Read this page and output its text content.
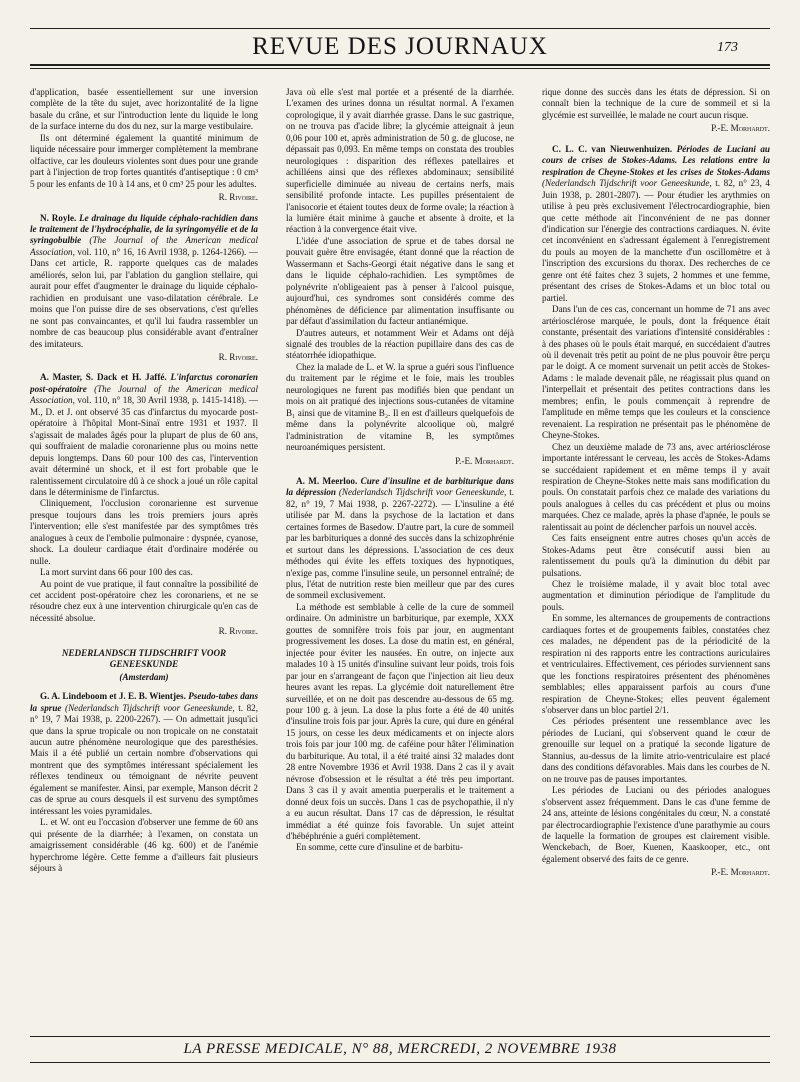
REVUE DES JOURNAUX	173

d'application, basée essentiellement sur une inversion complète de la tête du sujet, avec horizontalité de la ligne basale du crâne, et sur l'introduction lente du liquide le long de la surface interne du dos du nez, sur la marge vestibulaire.

Ils ont déterminé également la quantité minimum de liquide nécessaire pour immerger complètement la membrane olfactive, car les douleurs violentes sont dues pour une grande part à l'injection de trop fortes quantités d'antiseptique : 0 cm³ 5 pour les enfants de 10 à 14 ans, et 0 cm³ 25 pour les adultes.

R. Rivoire.

N. Royle. Le drainage du liquide céphalo-rachidien dans le traitement de l'hydrocéphalie, de la syringomyélie et de la syringobulbie (The Journal of the American medical Association, vol. 110, n° 16, 16 Avril 1938, p. 1264-1266). — Dans cet article, R. rapporte quelques cas de malades améliorés, selon lui, par l'ablation du ganglion stellaire, qui aurait pour effet d'augmenter le drainage du liquide céphalo-rachidien en produisant une vaso-dilatation cérébrale. Le moins que l'on puisse dire de ses observations, c'est qu'elles ne sont pas convaincantes, et qu'il lui faudra rassembler un nombre de cas beaucoup plus considérable avant d'entraîner des imitateurs.

R. Rivoire.

A. Master, S. Dack et H. Jaffé. L'infarctus coronarien post-opératoire (The Journal of the American medical Association, vol. 110, n° 18, 30 Avril 1938, p. 1415-1418). — M., D. et J. ont observé 35 cas d'infarctus du myocarde post-opératoire à l'hôpital Mont-Sinaï entre 1931 et 1937. Il s'agissait de malades âgés pour la plupart de plus de 60 ans, qui souffraient de maladie coronarienne plus ou moins nette depuis longtemps. Dans 60 pour 100 des cas, l'intervention avait déterminé un shock, et il est fort probable que le ralentissement circulatoire dû à ce shock a joué un rôle capital dans le déterminisme de l'infarctus.

Cliniquement, l'occlusion coronarienne est survenue presque toujours dans les trois premiers jours après l'intervention; elle s'est manifestée par des symptômes très analogues à ceux de l'embolie pulmonaire : dyspnée, cyanose, shock. La douleur cardiaque était d'ordinaire modérée ou nulle.

La mort survint dans 66 pour 100 des cas.

Au point de vue pratique, il faut connaître la possibilité de cet accident post-opératoire chez les coronariens, et ne se résoudre chez eux à une intervention chirurgicale qu'en cas de nécessité absolue.

R. Rivoire.

NEDERLANDSCH TIJDSCHRIFT VOOR GENEESKUNDE

(Amsterdam)

G. A. Lindeboom et J. E. B. Wientjes. Pseudo-tabes dans la sprue (Nederlandsch Tijdschrift voor Geneeskunde, t. 82, n° 19, 7 Mai 1938, p. 2200-2267). — On admettait jusqu'ici que dans la sprue tropicale ou non tropicale on ne constatait aucun autre phénomène neurologique que des paresthésies. Mais il a été publié un certain nombre d'observations qui montrent que des symptômes intéressant spécialement les réflexes tendineux ou témoignant de névrite peuvent également se manifester. Ainsi, par exemple, Manson décrit 2 cas de sprue au cours desquels il est survenu des symptômes intéressant les voies pyramidales.

L. et W. ont eu l'occasion d'observer une femme de 60 ans qui présente de la diarrhée; à l'examen, on constata un amaigrissement considérable (46 kg. 600) et de l'anémie hyperchrome légère. Cette femme a d'ailleurs fait plusieurs séjours à

Java où elle s'est mal portée et a présenté de la diarrhée. L'examen des urines donna un résultat normal. A l'examen coprologique, il y avait diarrhée grasse. Dans le suc gastrique, on ne trouva pas d'acide libre; la glycémie atteignait à jeun 0,06 pour 100 et, après administration de 50 g. de glucose, ne dépassait pas 0,093. En même temps on constata des troubles neurologiques : disparition des réflexes patellaires et achilléens ainsi que des réflexes abdominaux; sensibilité superficielle diminuée au niveau de certains nerfs, mais sensibilité profonde intacte. Les pupilles présentaient de l'anisocorie et étaient toutes deux de forme ovale; la réaction à la lumière était minime à gauche et absente à droite, et la réaction à la convergence était vive.

L'idée d'une association de sprue et de tabes dorsal ne pouvait guère être envisagée, étant donné que la réaction de Wassermann et Sachs-Georgi était négative dans le sang et dans le liquide céphalo-rachidien. Les symptômes de polynévrite n'obligeaient pas à penser à l'alcool puisque, aujourd'hui, ces syndromes sont considérés comme des phénomènes de déficience par alimentation insuffisante ou par défaut d'assimilation du facteur antianémique.

D'autres auteurs, et notamment Weir et Adams ont déjà signalé des troubles de la réaction pupillaire dans des cas de stéatorrhée idiopathique.

Chez la malade de L. et W. la sprue a guéri sous l'influence du traitement par le régime et le foie, mais les troubles neurologiques ne furent pas modifiés bien que pendant un mois on ait pratiqué des injections sous-cutanées de vitamine B₁ ainsi que de vitamine B₂. Il en est d'ailleurs quelquefois de même dans la polynévrite alcoolique où, malgré l'administration de vitamine B, les symptômes neuroanémiques persistent.

P.-E. Morhardt.

A. M. Meerloo. Cure d'insuline et de barbiturique dans la dépression (Nederlandsch Tijdschrift voor Geneeskunde, t. 82, n° 19, 7 Mai 1938, p. 2267-2272). — L'insuline a été utilisée par M. dans la psychose de la lactation et dans certaines formes de Basedow. D'autre part, la cure de sommeil par les barbituriques a donné des succès dans la schizophrénie et surtout dans les dépressions. L'association de ces deux méthodes qui évite les effets toxiques des hypnotiques, n'exige pas, comme l'insuline seule, un personnel entraîné; de plus, l'état de nutrition reste bien meilleur que par des cures de sommeil exclusivement.

La méthode est semblable à celle de la cure de sommeil ordinaire. On administre un barbiturique, par exemple, XXX gouttes de somnifère trois fois par jour, en augmentant progressivement les doses. La dose du matin est, en général, injectée pour éviter les nausées. En outre, on injecte aux malades 10 à 15 unités d'insuline suivant leur poids, trois fois par jour en s'arrangeant de façon que l'injection ait lieu deux heures avant les repas. La glycémie doit naturellement être surveillée, et on ne doit pas descendre au-dessous de 65 mg. pour 100 g. à jeun. La dose la plus forte a été de 40 unités d'insuline trois fois par jour. Après la cure, qui dure en général 15 jours, on cesse les deux médicaments et on injecte alors trois fois par jour 100 mg. de caféine pour hâter l'élimination du barbiturique. Au total, il a été traité ainsi 32 malades dont 28 entre Novembre 1936 et Avril 1938. Dans 2 cas il y avait névrose d'obsession et le résultat a été très peu important. Dans 3 cas il y avait amentia puerperalis et le traitement a donné deux fois un succès. Dans 1 cas de psychopathie, il n'y a eu aucun résultat. Dans 17 cas de dépression, le résultat immédiat a été quinze fois favorable. Un sujet atteint d'hébéphrénie a guéri complètement.

En somme, cette cure d'insuline et de barbitu-

rique donne des succès dans les états de dépression. Si on connaît bien la technique de la cure de sommeil et si la glycémie est surveillée, le malade ne court aucun risque.

P.-E. Morhardt.

C. L. C. van Nieuwenhuizen. Périodes de Luciani au cours de crises de Stokes-Adams. Les relations entre la respiration de Cheyne-Stokes et les crises de Stokes-Adams (Nederlandsch Tijdschrift voor Geneeskunde, t. 82, n° 23, 4 Juin 1938, p. 2801-2807). — Pour étudier les arythmies on utilise à peu près exclusivement l'électrocardiographie, bien que cette méthode ait l'inconvénient de ne pas donner d'indication sur l'énergie des contractions cardiaques. N. évite cet inconvénient en s'adressant également à l'enregistrement du pouls au moyen de la manchette d'un oscillomètre et à l'inscription des excursions du thorax. Des recherches de ce genre ont été faites chez 3 sujets, 2 hommes et une femme, présentant des crises de Stokes-Adams et un bloc total ou partiel.

Dans l'un de ces cas, concernant un homme de 71 ans avec artériosclérose marquée, le pouls, dont la fréquence était constante, présentait des variations d'intensité considérables : à des phases où le pouls était marqué, en succédaient d'autres où il devenait très petit au point de ne plus pouvoir être perçu par le doigt. A ce moment survenait un petit accès de Stokes-Adams : le malade devenait pâle, ne réagissait plus quand on l'interpellait et présentait des petites contractions dans les membres; enfin, le pouls commençait à reprendre de l'amplitude en même temps que les couleurs et la conscience revenaient. La respiration ne présentait pas le phénomène de Cheyne-Stokes.

Chez un deuxième malade de 73 ans, avec artériosclérose importante intéressant le cerveau, les accès de Stokes-Adams se succédaient rapidement et en même temps il y avait respiration de Cheyne-Stokes nette mais sans modification du pouls. On constatait parfois chez ce malade des variations du pouls analogues à celles du cas précédent et plus ou moins marquées. Chez ce malade, après la phase d'apnée, le pouls se ralentissait au point de déclencher parfois un nouvel accès.

Ces faits enseignent entre autres choses qu'un accès de Stokes-Adams peut être consécutif aussi bien au ralentissement du pouls qu'à la diminution du débit par pulsations.

Chez le troisième malade, il y avait bloc total avec augmentation et diminution périodique de l'amplitude du pouls.

En somme, les alternances de groupements de contractions cardiaques fortes et de groupements faibles, constatées chez ces malades, ne dépendent pas de la périodicité de la respiration ni des rapports entre les contractions auriculaires et ventriculaires. Effectivement, ces périodes surviennent sans que les fonctions respiratoires présentent des phénomènes semblables; elles apparaissent parfois au cours d'une respiration de Cheyne-Stokes; elles peuvent également s'observer dans un bloc partiel 2/1.

Ces périodes présentent une ressemblance avec les périodes de Luciani, qui s'observent quand le cœur de grenouille sur lequel on a pratiqué la seconde ligature de Stannius, au-dessus de la limite atrio-ventriculaire est placé dans des conditions défavorables. Mais dans les courbes de N. on ne trouve pas de pauses importantes.

Les périodes de Luciani ou des périodes analogues s'observent assez fréquemment. Dans le cas d'une femme de 24 ans, atteinte de lésions congénitales du cœur, N. a constaté par électrocardiographie l'existence d'une parathymie au cours de laquelle la formation de groupes est clairement visible. Wenckebach, de Boer, Kuenen, Kaaskooper, etc., ont également observé des faits de ce genre.

P.-E. Morhardt.

LA PRESSE MEDICALE, N° 88, MERCREDI, 2 NOVEMBRE 1938
